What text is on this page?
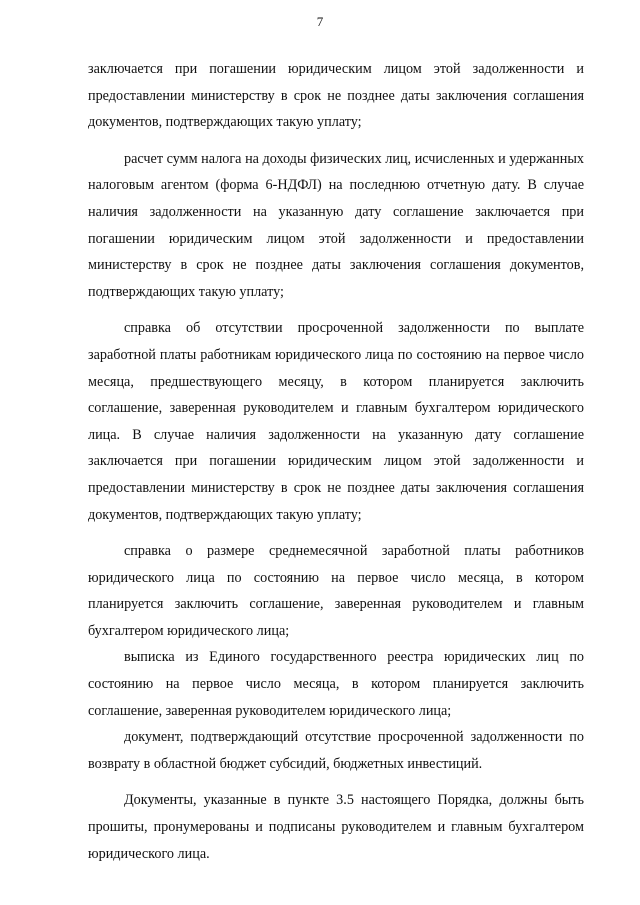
7

заключается при погашении юридическим лицом этой задолженности и предоставлении министерству в срок не позднее даты заключения соглашения документов, подтверждающих такую уплату;

расчет сумм налога на доходы физических лиц, исчисленных и удержанных налоговым агентом (форма 6-НДФЛ) на последнюю отчетную дату. В случае наличия задолженности на указанную дату соглашение заключается при погашении юридическим лицом этой задолженности и предоставлении министерству в срок не позднее даты заключения соглашения документов, подтверждающих такую уплату;

справка об отсутствии просроченной задолженности по выплате заработной платы работникам юридического лица по состоянию на первое число месяца, предшествующего месяцу, в котором планируется заключить соглашение, заверенная руководителем и главным бухгалтером юридического лица. В случае наличия задолженности на указанную дату соглашение заключается при погашении юридическим лицом этой задолженности и предоставлении министерству в срок не позднее даты заключения соглашения документов, подтверждающих такую уплату;

справка о размере среднемесячной заработной платы работников юридического лица по состоянию на первое число месяца, в котором планируется заключить соглашение, заверенная руководителем и главным бухгалтером юридического лица;

выписка из Единого государственного реестра юридических лиц по состоянию на первое число месяца, в котором планируется заключить соглашение, заверенная руководителем юридического лица;

документ, подтверждающий отсутствие просроченной задолженности по возврату в областной бюджет субсидий, бюджетных инвестиций.

Документы, указанные в пункте 3.5 настоящего Порядка, должны быть прошиты, пронумерованы и подписаны руководителем и главным бухгалтером юридического лица.
